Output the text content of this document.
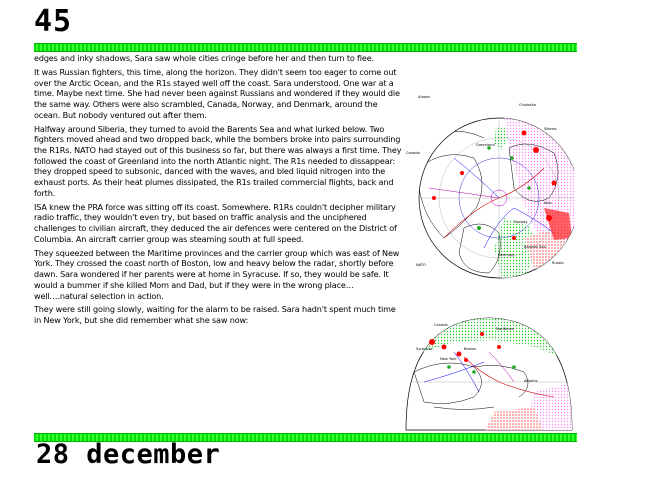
45

edges and inky shadows, Sara saw whole cities cringe before her and then turn to flee.

It was Russian fighters, this time, along the horizon. They didn't seem too eager to come out over the Arctic Ocean, and the R1s stayed well off the coast. Sara understood. One war at a time. Maybe next time. She had never been against Russians and wondered if they would die the same way. Others were also scrambled, Canada, Norway, and Denmark, around the ocean. But nobody ventured out after them.

Halfway around Siberia, they turned to avoid the Barents Sea and what lurked below. Two fighters moved ahead and two dropped back, while the bombers broke into pairs surrounding the R1Rs. NATO had stayed out of this business so far, but there was always a first time. They followed the coast of Greenland into the north Atlantic night. The R1s needed to dissappear: they dropped speed to subsonic, danced with the waves, and bled liquid nitrogen into the exhaust ports. As their heat plumes dissipated, the R1s trailed commercial flights, back and forth.

ISA knew the PRA force was sitting off its coast. Somewhere. R1Rs couldn't decipher military radio traffic, they wouldn't even try, but based on traffic analysis and the unciphered challenges to civilian aircraft, they deduced the air defences were centered on the District of Columbia. An aircraft carrier group was steaming south at full speed.

They squeezed between the Maritime provinces and the carrier group which was east of New York. They crossed the coast north of Boston, low and heavy below the radar, shortly before dawn. Sara wondered if her parents were at home in Syracuse. If so, they would be safe. It would a bummer if she killed Mom and Dad, but if they were in the wrong place…well….natural selection in action.

They were still going slowly, waiting for the alarm to be raised. Sara hadn't spent much time in New York, but she did remember what she saw now:

Alaska
Chukotka
Siberia
Canada
Greenland
Norway
Barents Sea
Denmark
Russia
Kola
NATO
Canada
Maritimes
New York
Boston
Syracuse
Atlantic
28 december
